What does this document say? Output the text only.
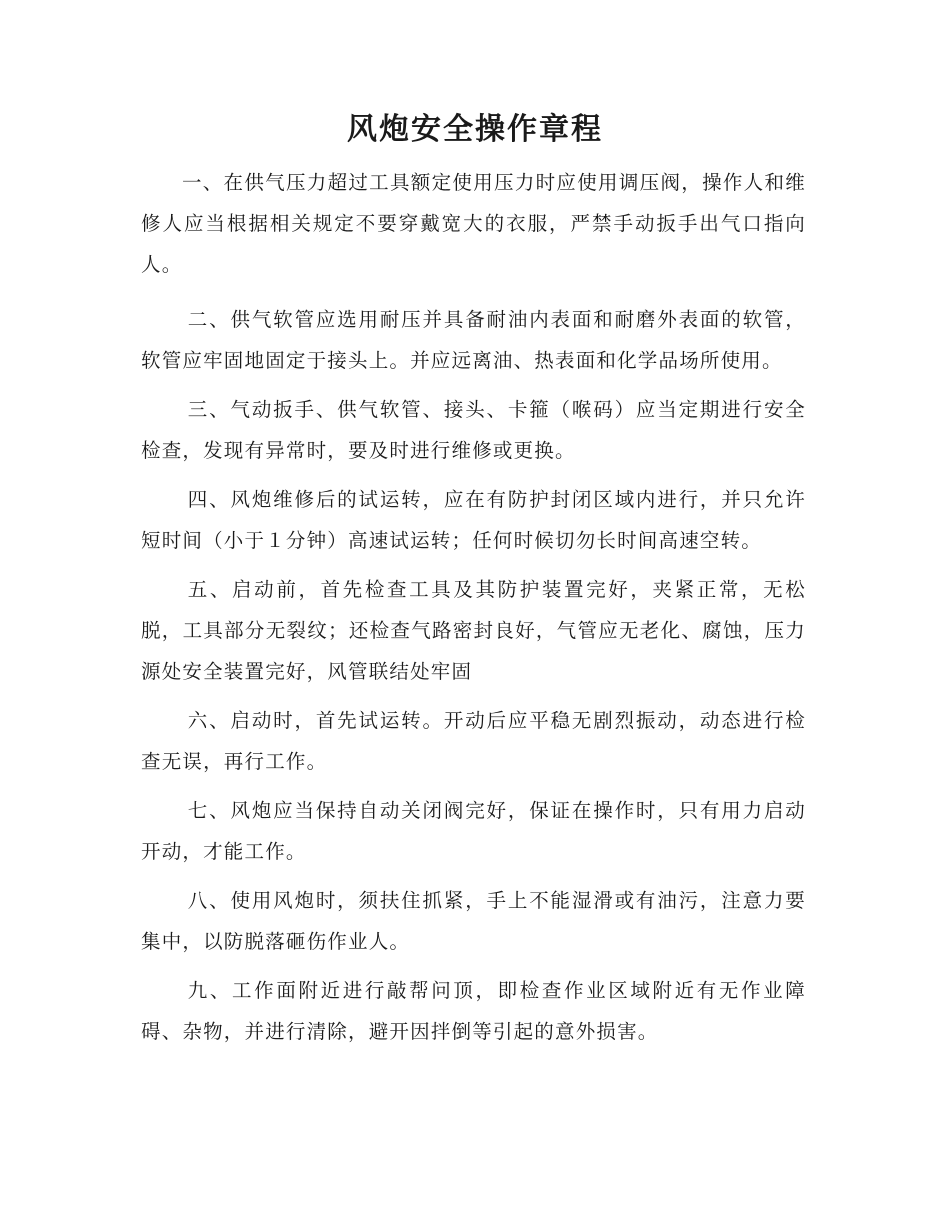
风炮安全操作章程

一、在供气压力超过工具额定使用压力时应使用调压阀，操作人和维修人应当根据相关规定不要穿戴宽大的衣服，严禁手动扳手出气口指向人。

二、供气软管应选用耐压并具备耐油内表面和耐磨外表面的软管，软管应牢固地固定于接头上。并应远离油、热表面和化学品场所使用。

三、气动扳手、供气软管、接头、卡箍（喉码）应当定期进行安全检查，发现有异常时，要及时进行维修或更换。

四、风炮维修后的试运转，应在有防护封闭区域内进行，并只允许短时间（小于１分钟）高速试运转；任何时候切勿长时间高速空转。

五、启动前，首先检查工具及其防护装置完好，夹紧正常，无松脱，工具部分无裂纹；还检查气路密封良好，气管应无老化、腐蚀，压力源处安全装置完好，风管联结处牢固

六、启动时，首先试运转。开动后应平稳无剧烈振动，动态进行检查无误，再行工作。

七、风炮应当保持自动关闭阀完好，保证在操作时，只有用力启动开动，才能工作。

八、使用风炮时，须扶住抓紧，手上不能湿滑或有油污，注意力要集中，以防脱落砸伤作业人。

九、工作面附近进行敲帮问顶，即检查作业区域附近有无作业障碍、杂物，并进行清除，避开因拌倒等引起的意外损害。
